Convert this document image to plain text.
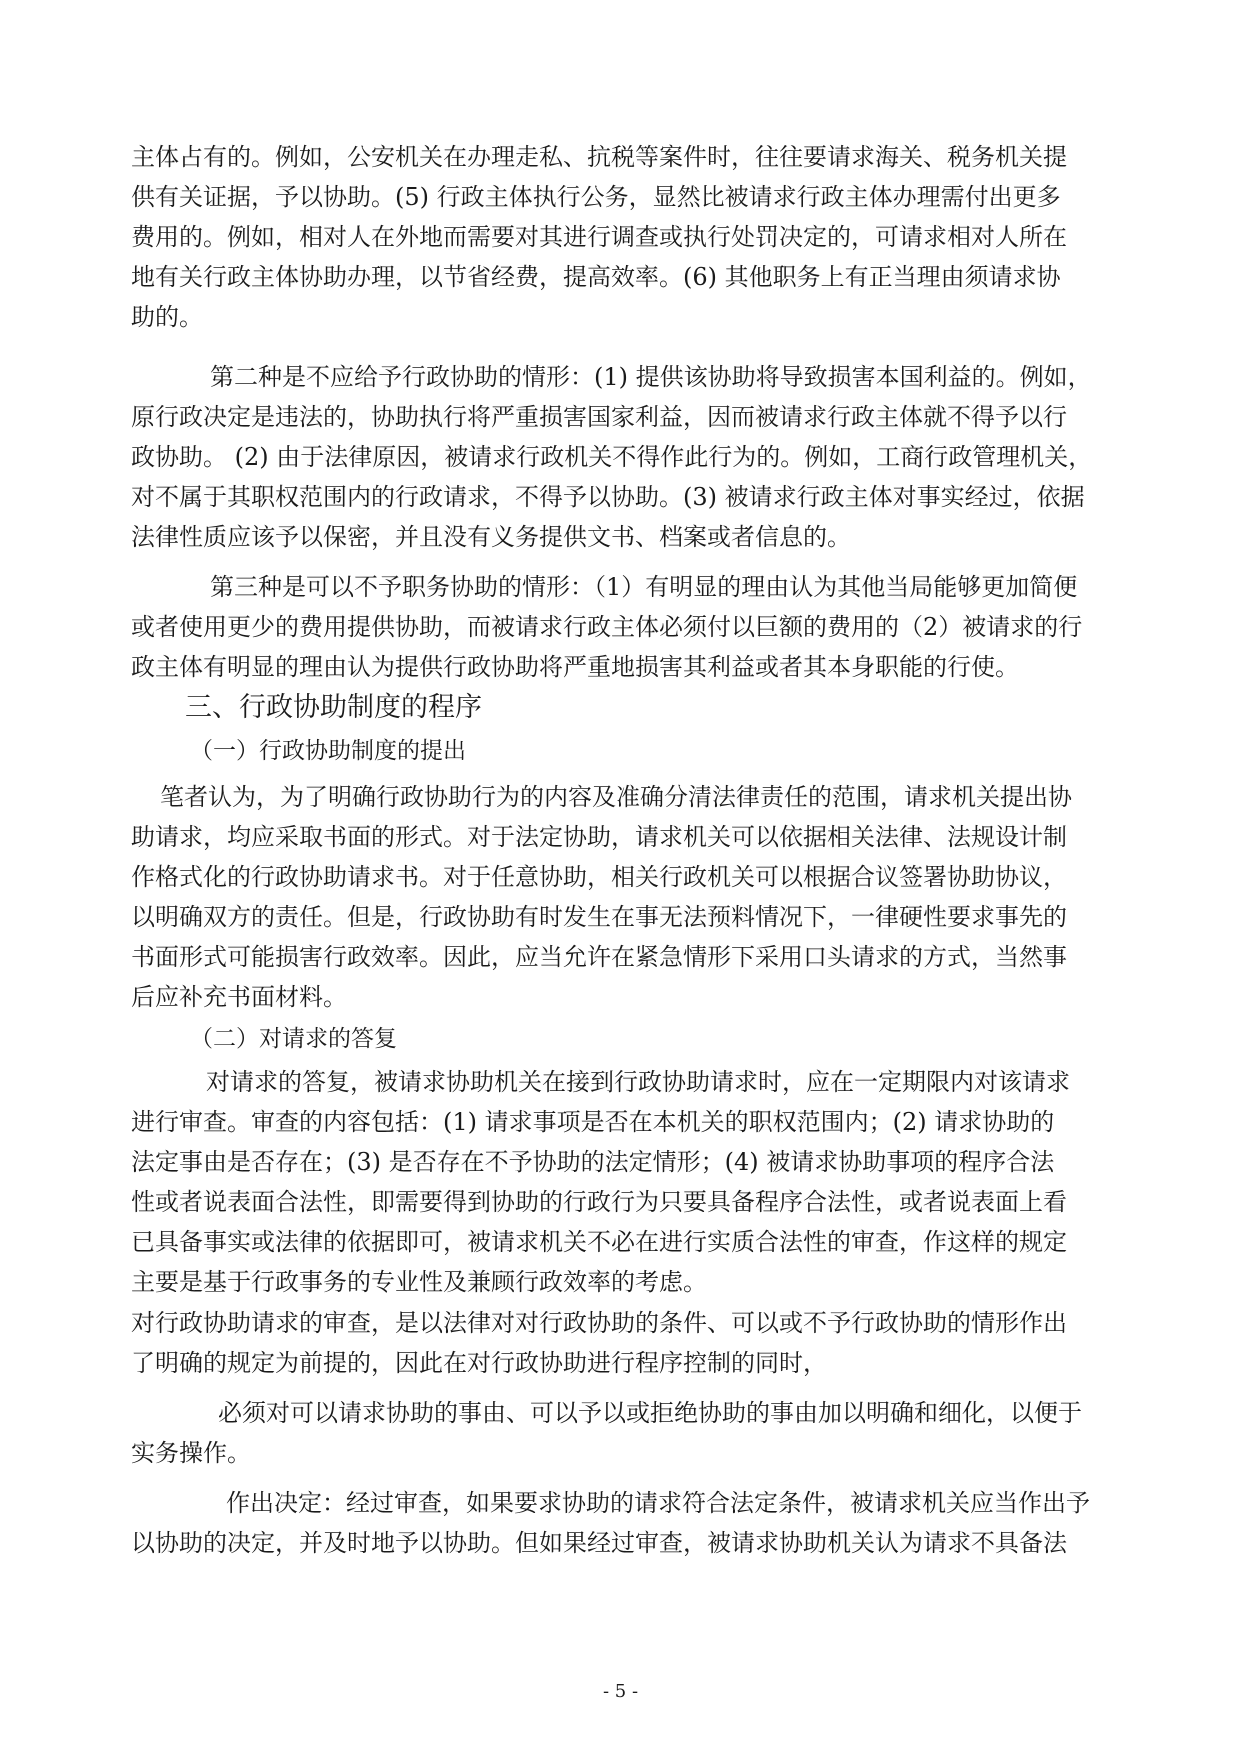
主体占有的。例如，公安机关在办理走私、抗税等案件时，往往要请求海关、税务机关提
供有关证据，予以协助。(5) 行政主体执行公务，显然比被请求行政主体办理需付出更多
费用的。例如，相对人在外地而需要对其进行调查或执行处罚决定的，可请求相对人所在
地有关行政主体协助办理，以节省经费，提高效率。(6) 其他职务上有正当理由须请求协
助的。
第二种是不应给予行政协助的情形：(1) 提供该协助将导致损害本国利益的。例如，
原行政决定是违法的，协助执行将严重损害国家利益，因而被请求行政主体就不得予以行
政协助。 (2) 由于法律原因，被请求行政机关不得作此行为的。例如，工商行政管理机关，
对不属于其职权范围内的行政请求，不得予以协助。(3) 被请求行政主体对事实经过，依据
法律性质应该予以保密，并且没有义务提供文书、档案或者信息的。
第三种是可以不予职务协助的情形：（1）有明显的理由认为其他当局能够更加简便
或者使用更少的费用提供协助，而被请求行政主体必须付以巨额的费用的（2）被请求的行
政主体有明显的理由认为提供行政协助将严重地损害其利益或者其本身职能的行使。
三、行政协助制度的程序
（一）行政协助制度的提出
笔者认为，为了明确行政协助行为的内容及准确分清法律责任的范围，请求机关提出协
助请求，均应采取书面的形式。对于法定协助，请求机关可以依据相关法律、法规设计制
作格式化的行政协助请求书。对于任意协助，相关行政机关可以根据合议签署协助协议，
以明确双方的责任。但是，行政协助有时发生在事无法预料情况下，一律硬性要求事先的
书面形式可能损害行政效率。因此，应当允许在紧急情形下采用口头请求的方式，当然事
后应补充书面材料。
（二）对请求的答复
对请求的答复，被请求协助机关在接到行政协助请求时，应在一定期限内对该请求
进行审查。审查的内容包括：(1) 请求事项是否在本机关的职权范围内；(2) 请求协助的
法定事由是否存在；(3) 是否存在不予协助的法定情形；(4) 被请求协助事项的程序合法
性或者说表面合法性，即需要得到协助的行政行为只要具备程序合法性，或者说表面上看
已具备事实或法律的依据即可，被请求机关不必在进行实质合法性的审查，作这样的规定
主要是基于行政事务的专业性及兼顾行政效率的考虑。
对行政协助请求的审查，是以法律对对行政协助的条件、可以或不予行政协助的情形作出
了明确的规定为前提的，因此在对行政协助进行程序控制的同时，
必须对可以请求协助的事由、可以予以或拒绝协助的事由加以明确和细化，以便于
实务操作。
作出决定：经过审查，如果要求协助的请求符合法定条件，被请求机关应当作出予
以协助的决定，并及时地予以协助。但如果经过审查，被请求协助机关认为请求不具备法
- 5 -
